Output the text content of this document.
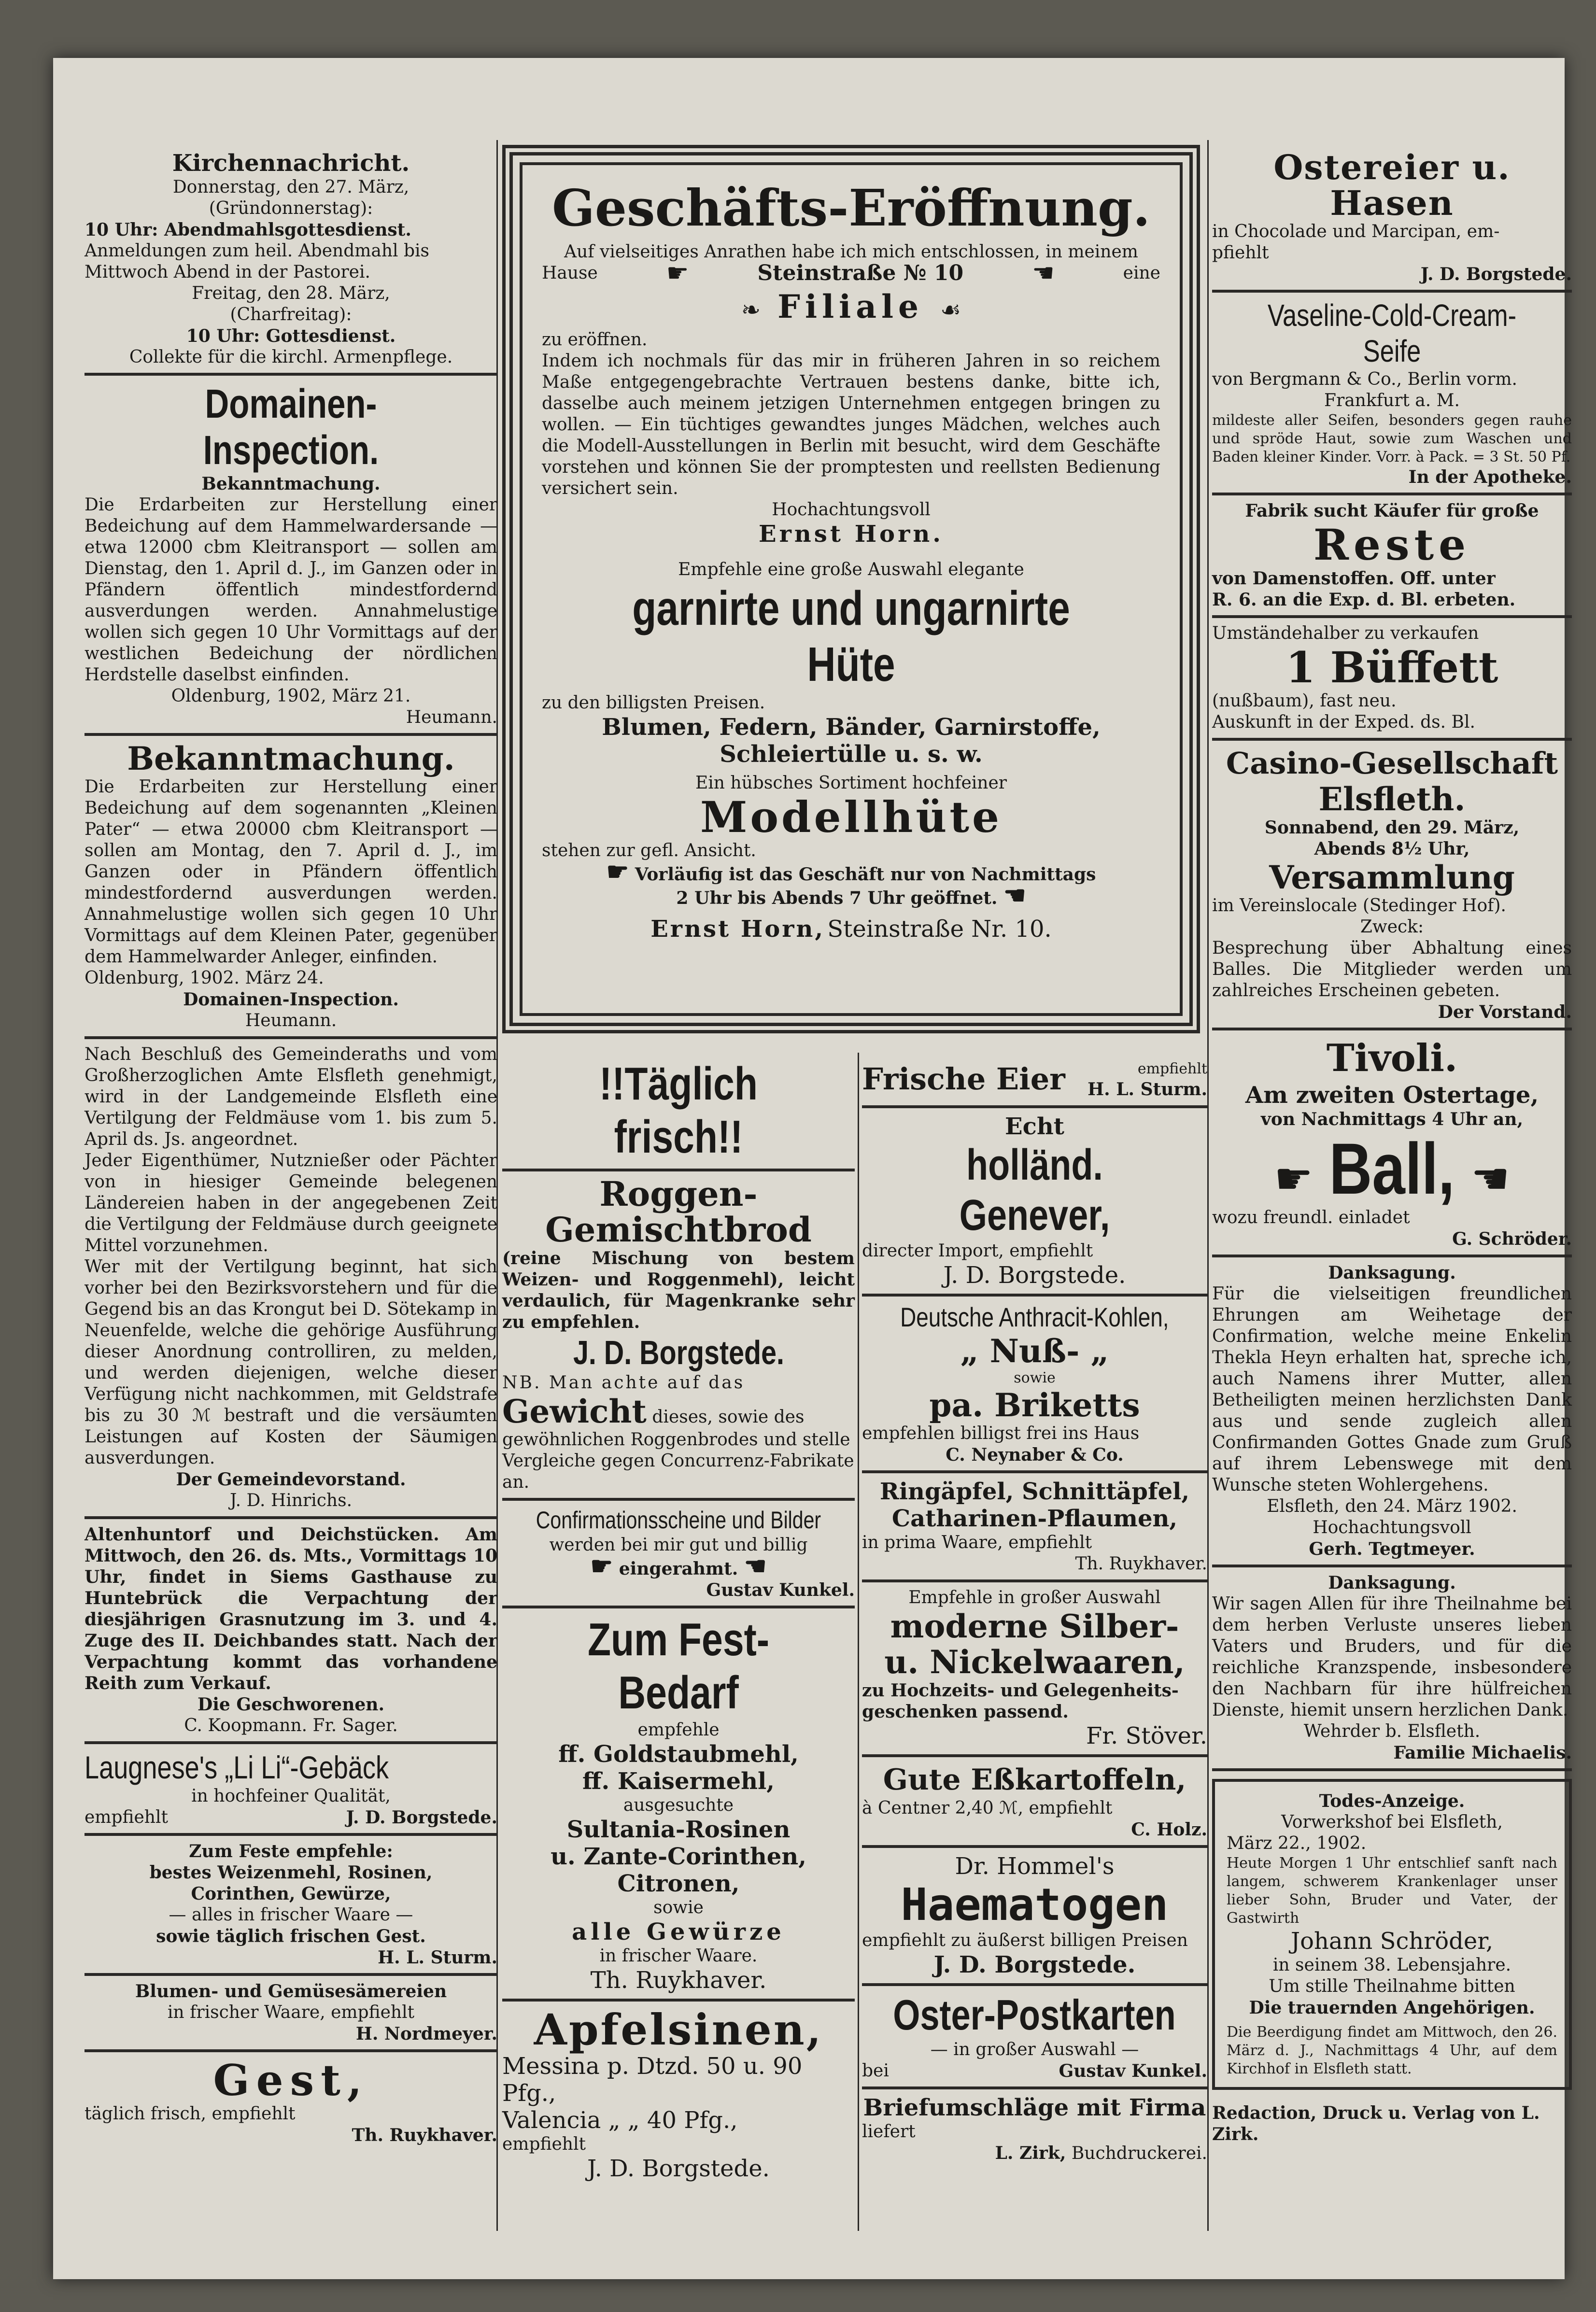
Kirchennachricht.

Donnerstag, den 27. März,

(Gründonnerstag):

10 Uhr: Abendmahlsgottesdienst.

Anmeldungen zum heil. Abendmahl bis

Mittwoch Abend in der Pastorei.

Freitag, den 28. März,

(Charfreitag):

10 Uhr: Gottesdienst.

Collekte für die kirchl. Armenpflege.

Domainen-Inspection.

Bekanntmachung.

Die Erdarbeiten zur Herstellung einer Bedeichung auf dem Hammelwardersande — etwa 12000 cbm Kleitransport — sollen am Dienstag, den 1. April d. J., im Ganzen oder in Pfändern öffentlich mindestfordernd ausverdungen werden. Annahmelustige wollen sich gegen 10 Uhr Vormittags auf der westlichen Bedeichung der nördlichen Herdstelle daselbst einfinden.

Oldenburg, 1902, März 21.

Heumann.

Bekanntmachung.

Die Erdarbeiten zur Herstellung einer Bedeichung auf dem sogenannten „Kleinen Pater“ — etwa 20000 cbm Kleitransport — sollen am Montag, den 7. April d. J., im Ganzen oder in Pfändern öffentlich mindestfordernd ausverdungen werden. Annahmelustige wollen sich gegen 10 Uhr Vormittags auf dem Kleinen Pater, gegenüber dem Hammelwarder Anleger, einfinden.

Oldenburg, 1902. März 24.

Domainen-Inspection.

Heumann.

Nach Beschluß des Gemeinderaths und vom Großherzoglichen Amte Elsfleth genehmigt, wird in der Landgemeinde Elsfleth eine Vertilgung der Feldmäuse vom 1. bis zum 5. April ds. Js. angeordnet.

Jeder Eigenthümer, Nutznießer oder Pächter von in hiesiger Gemeinde belegenen Ländereien haben in der angegebenen Zeit die Vertilgung der Feldmäuse durch geeignete Mittel vorzunehmen.

Wer mit der Vertilgung beginnt, hat sich vorher bei den Bezirksvorstehern und für die Gegend bis an das Krongut bei D. Sötekamp in Neuenfelde, welche die gehörige Ausführung dieser Anordnung controlliren, zu melden, und werden diejenigen, welche dieser Verfügung nicht nachkommen, mit Geldstrafe bis zu 30 ℳ bestraft und die versäumten Leistungen auf Kosten der Säumigen ausverdungen.

Der Gemeindevorstand.

J. D. Hinrichs.

Altenhuntorf und Deichstücken. Am Mittwoch, den 26. ds. Mts., Vormittags 10 Uhr, findet in Siems Gasthause zu Huntebrück die Verpachtung der diesjährigen Grasnutzung im 3. und 4. Zuge des II. Deichbandes statt. Nach der Verpachtung kommt das vorhandene Reith zum Verkauf.

Die Geschworenen.

C. Koopmann. Fr. Sager.

Laugnese's „Li Li“-Gebäck

in hochfeiner Qualität,

empfiehlt	J. D. Borgstede.

Zum Feste empfehle:

bestes Weizenmehl, Rosinen,

Corinthen, Gewürze,

— alles in frischer Waare —

sowie täglich frischen Gest.

H. L. Sturm.

Blumen- und Gemüsesämereien

in frischer Waare, empfiehlt

H. Nordmeyer.

Gest,

täglich frisch, empfiehlt

Th. Ruykhaver.

Geschäfts-Eröffnung.

Auf vielseitiges Anrathen habe ich mich entschlossen, in meinem

Hause	☛	Steinstraße № 10	☚	eine

❧ Filiale ☙

zu eröffnen.

Indem ich nochmals für das mir in früheren Jahren in so reichem Maße entgegengebrachte Vertrauen bestens danke, bitte ich, dasselbe auch meinem jetzigen Unternehmen entgegen bringen zu wollen. — Ein tüchtiges gewandtes junges Mädchen, welches auch die Modell-Ausstellungen in Berlin mit besucht, wird dem Geschäfte vorstehen und können Sie der promptesten und reellsten Bedienung versichert sein.

Hochachtungsvoll

Ernst Horn.

Empfehle eine große Auswahl elegante

garnirte und ungarnirte Hüte

zu den billigsten Preisen.

Blumen, Federn, Bänder, Garnirstoffe,

Schleiertülle u. s. w.

Ein hübsches Sortiment hochfeiner

Modellhüte

stehen zur gefl. Ansicht.

☛ Vorläufig ist das Geschäft nur von Nachmittags

2 Uhr bis Abends 7 Uhr geöffnet. ☚

Ernst Horn, Steinstraße Nr. 10.

!!Täglich frisch!!

Roggen-Gemischtbrod

(reine Mischung von bestem Weizen- und Roggenmehl), leicht verdaulich, für Magenkranke sehr zu empfehlen.

J. D. Borgstede.

NB. Man achte auf das

Gewicht dieses, sowie des gewöhnlichen Roggenbrodes und stelle Vergleiche gegen Concurrenz-Fabrikate an.

Confirmationsscheine und Bilder

werden bei mir gut und billig

☛ eingerahmt. ☚

Gustav Kunkel.

Zum Fest-Bedarf

empfehle

ff. Goldstaubmehl,

ff. Kaisermehl,

ausgesuchte

Sultania-Rosinen

u. Zante-Corinthen,

Citronen,

sowie

alle Gewürze

in frischer Waare.

Th. Ruykhaver.

Apfelsinen,

Messina p. Dtzd. 50 u. 90 Pfg.,

Valencia „ „ 40 Pfg.,

empfiehlt

J. D. Borgstede.

Frische Eier	empfiehlt
H. L. Sturm.

Echt

holländ. Genever,

directer Import, empfiehlt

J. D. Borgstede.

Deutsche Anthracit-Kohlen,

„ Nuß- „

sowie

pa. Briketts

empfehlen billigst frei ins Haus

C. Neynaber & Co.

Ringäpfel, Schnittäpfel,

Catharinen-Pflaumen,

in prima Waare, empfiehlt

Th. Ruykhaver.

Empfehle in großer Auswahl

moderne Silber-

u. Nickelwaaren,

zu Hochzeits- und Gelegenheits-

geschenken passend.

Fr. Stöver.

Gute Eßkartoffeln,

à Centner 2,40 ℳ, empfiehlt

C. Holz.

Dr. Hommel's

Haematogen

empfiehlt zu äußerst billigen Preisen

J. D. Borgstede.

Oster-Postkarten

— in großer Auswahl —

bei	Gustav Kunkel.

Briefumschläge mit Firma

liefert

L. Zirk, Buchdruckerei.

Ostereier u. Hasen

in Chocolade und Marcipan, em-

pfiehlt

J. D. Borgstede.

Vaseline-Cold-Cream-Seife

von Bergmann & Co., Berlin vorm.

Frankfurt a. M.

mildeste aller Seifen, besonders gegen rauhe und spröde Haut, sowie zum Waschen und Baden kleiner Kinder. Vorr. à Pack. = 3 St. 50 Pf.

In der Apotheke.

Fabrik sucht Käufer für große

Reste

von Damenstoffen. Off. unter

R. 6. an die Exp. d. Bl. erbeten.

Umständehalber zu verkaufen

1 Büffett

(nußbaum), fast neu.

Auskunft in der Exped. ds. Bl.

Casino-Gesellschaft

Elsfleth.

Sonnabend, den 29. März,

Abends 8½ Uhr,

Versammlung

im Vereinslocale (Stedinger Hof).

Zweck:

Besprechung über Abhaltung eines Balles. Die Mitglieder werden um zahlreiches Erscheinen gebeten.

Der Vorstand.

Tivoli.

Am zweiten Ostertage,

von Nachmittags 4 Uhr an,

☛ Ball, ☚

wozu freundl. einladet

G. Schröder.

Danksagung.

Für die vielseitigen freundlichen Ehrungen am Weihetage der Confirmation, welche meine Enkelin Thekla Heyn erhalten hat, spreche ich, auch Namens ihrer Mutter, allen Betheiligten meinen herzlichsten Dank aus und sende zugleich allen Confirmanden Gottes Gnade zum Gruß auf ihrem Lebenswege mit dem Wunsche steten Wohlergehens.

Elsfleth, den 24. März 1902.

Hochachtungsvoll

Gerh. Tegtmeyer.

Danksagung.

Wir sagen Allen für ihre Theilnahme bei dem herben Verluste unseres lieben Vaters und Bruders, und für die reichliche Kranzspende, insbesondere den Nachbarn für ihre hülfreichen Dienste, hiemit unsern herzlichen Dank.

Wehrder b. Elsfleth.

Familie Michaelis.

Todes-Anzeige.

Vorwerkshof bei Elsfleth,

März 22., 1902.

Heute Morgen 1 Uhr entschlief sanft nach langem, schwerem Krankenlager unser lieber Sohn, Bruder und Vater, der Gastwirth

Johann Schröder,

in seinem 38. Lebensjahre.

Um stille Theilnahme bitten

Die trauernden Angehörigen.

Die Beerdigung findet am Mittwoch, den 26. März d. J., Nachmittags 4 Uhr, auf dem Kirchhof in Elsfleth statt.

Redaction, Druck u. Verlag von L. Zirk.
